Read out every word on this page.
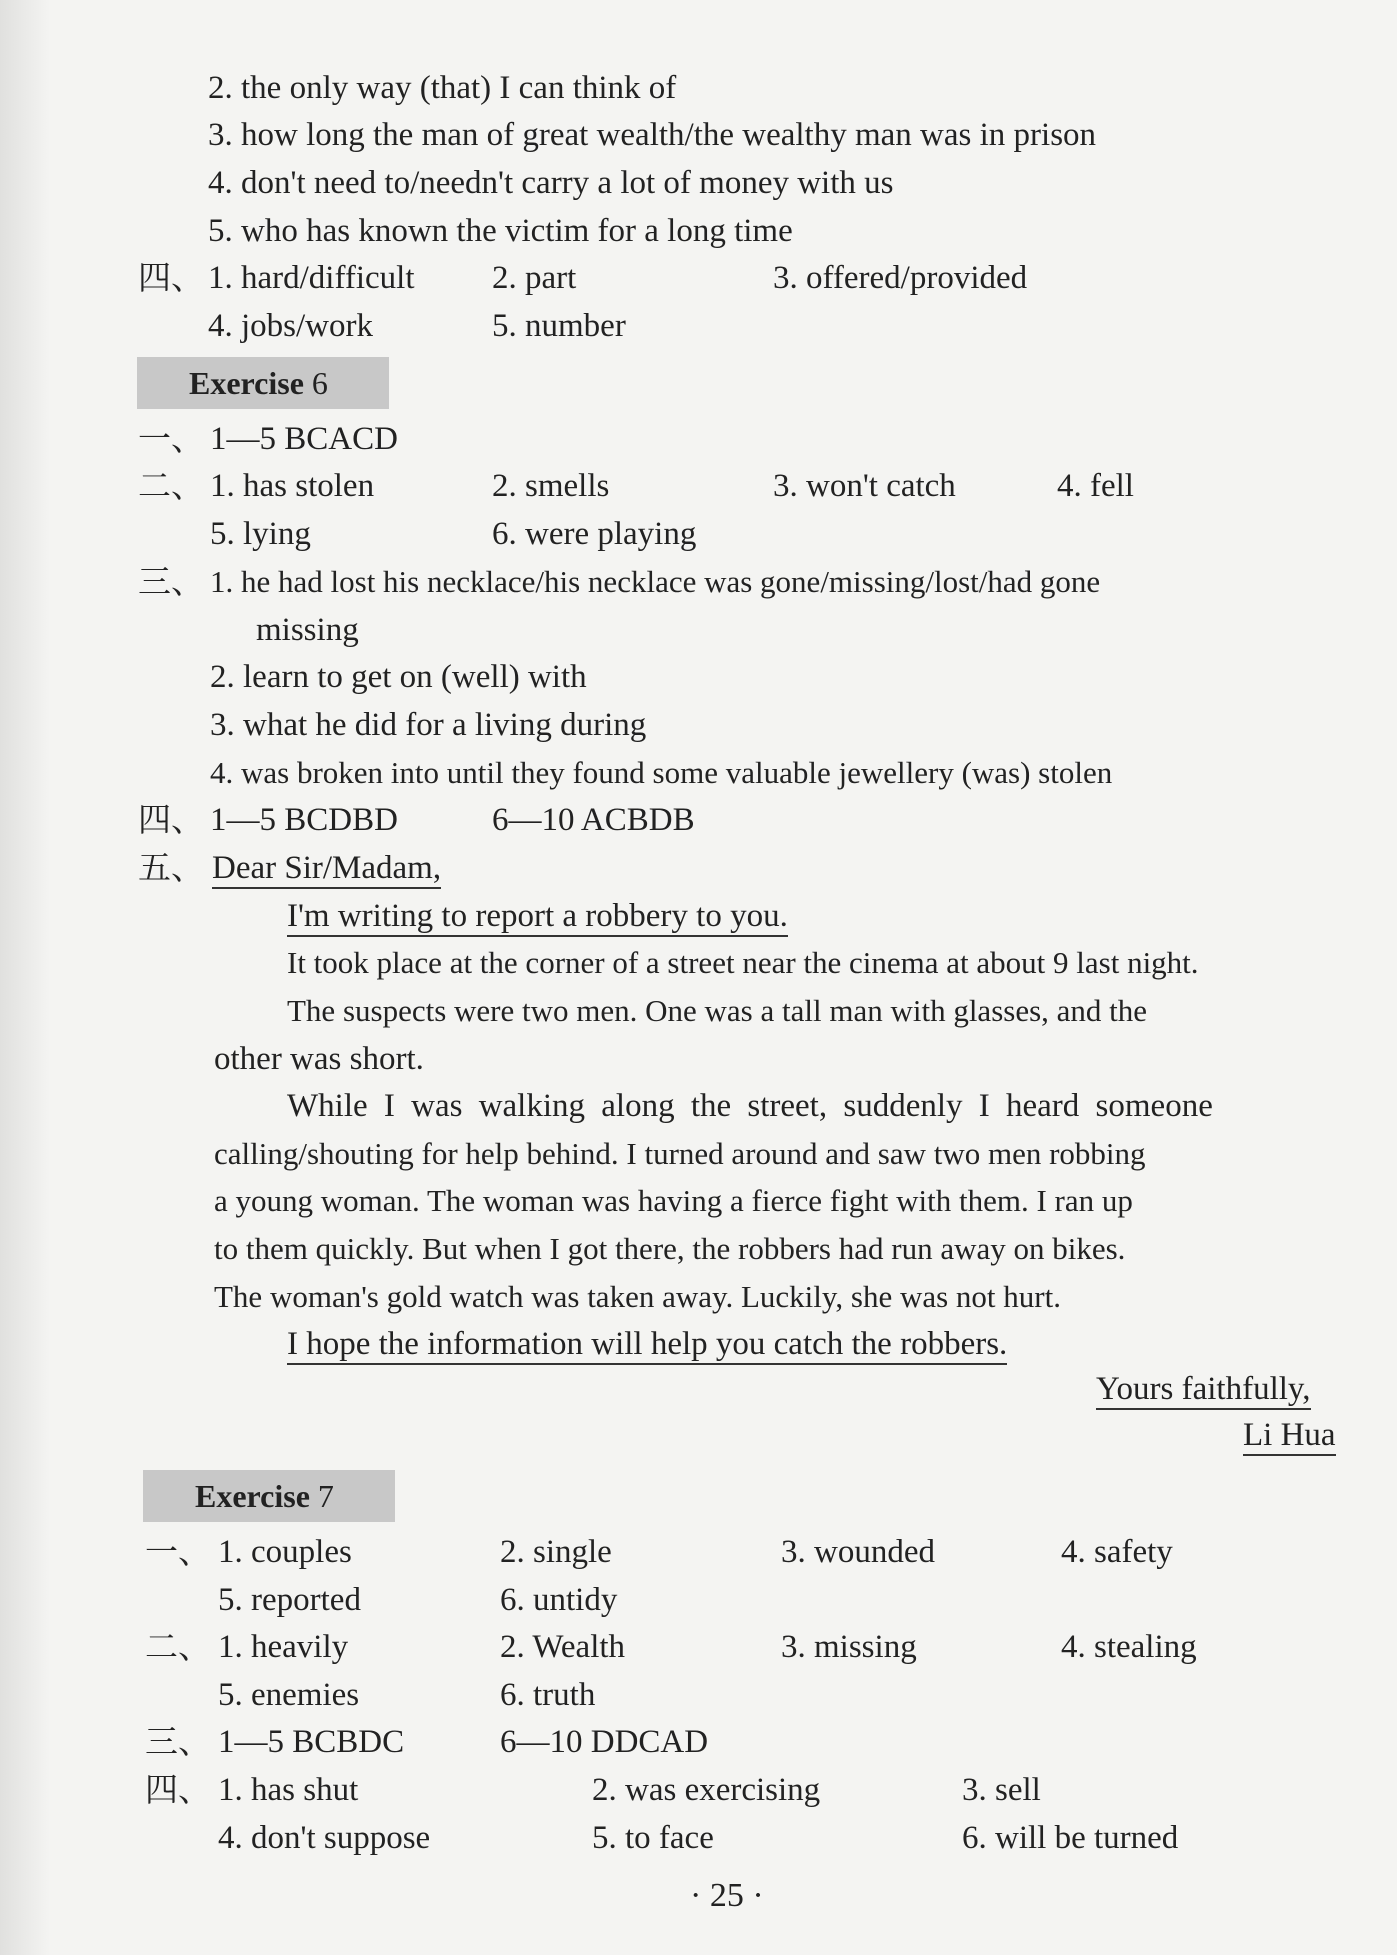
2. the only way (that) I can think of
3. how long the man of great wealth/the wealthy man was in prison
4. don't need to/needn't carry a lot of money with us
5. who has known the victim for a long time
四、 1. hard/difficult 2. part	3. offered/provided
4. jobs/work	5. number
Exercise 6
一、 1—5 BCACD
二、 1. has stolen	2. smells	3. won't catch	4. fell
5. lying	6. were playing
三、 1. he had lost his necklace/his necklace was gone/missing/lost/had gone
missing
2. learn to get on (well) with
3. what he did for a living during
4. was broken into until they found some valuable jewellery (was) stolen
四、 1—5 BCDBD	6—10 ACBDB
五、 Dear Sir/Madam,
I'm writing to report a robbery to you.
It took place at the corner of a street near the cinema at about 9 last night.
The suspects were two men. One was a tall man with glasses, and the
other was short.
While I was walking along the street, suddenly I heard someone
calling/shouting for help behind. I turned around and saw two men robbing
a young woman. The woman was having a fierce fight with them. I ran up
to them quickly. But when I got there, the robbers had run away on bikes.
The woman's gold watch was taken away. Luckily, she was not hurt.
I hope the information will help you catch the robbers.
Yours faithfully,
Li Hua
Exercise 7
一、 1. couples	2. single	3. wounded	4. safety
5. reported	6. untidy
二、 1. heavily	2. Wealth	3. missing	4. stealing
5. enemies	6. truth
三、 1—5 BCBDC	6—10 DDCAD
四、 1. has shut	2. was exercising	3. sell
4. don't suppose	5. to face	6. will be turned
· 25 ·
